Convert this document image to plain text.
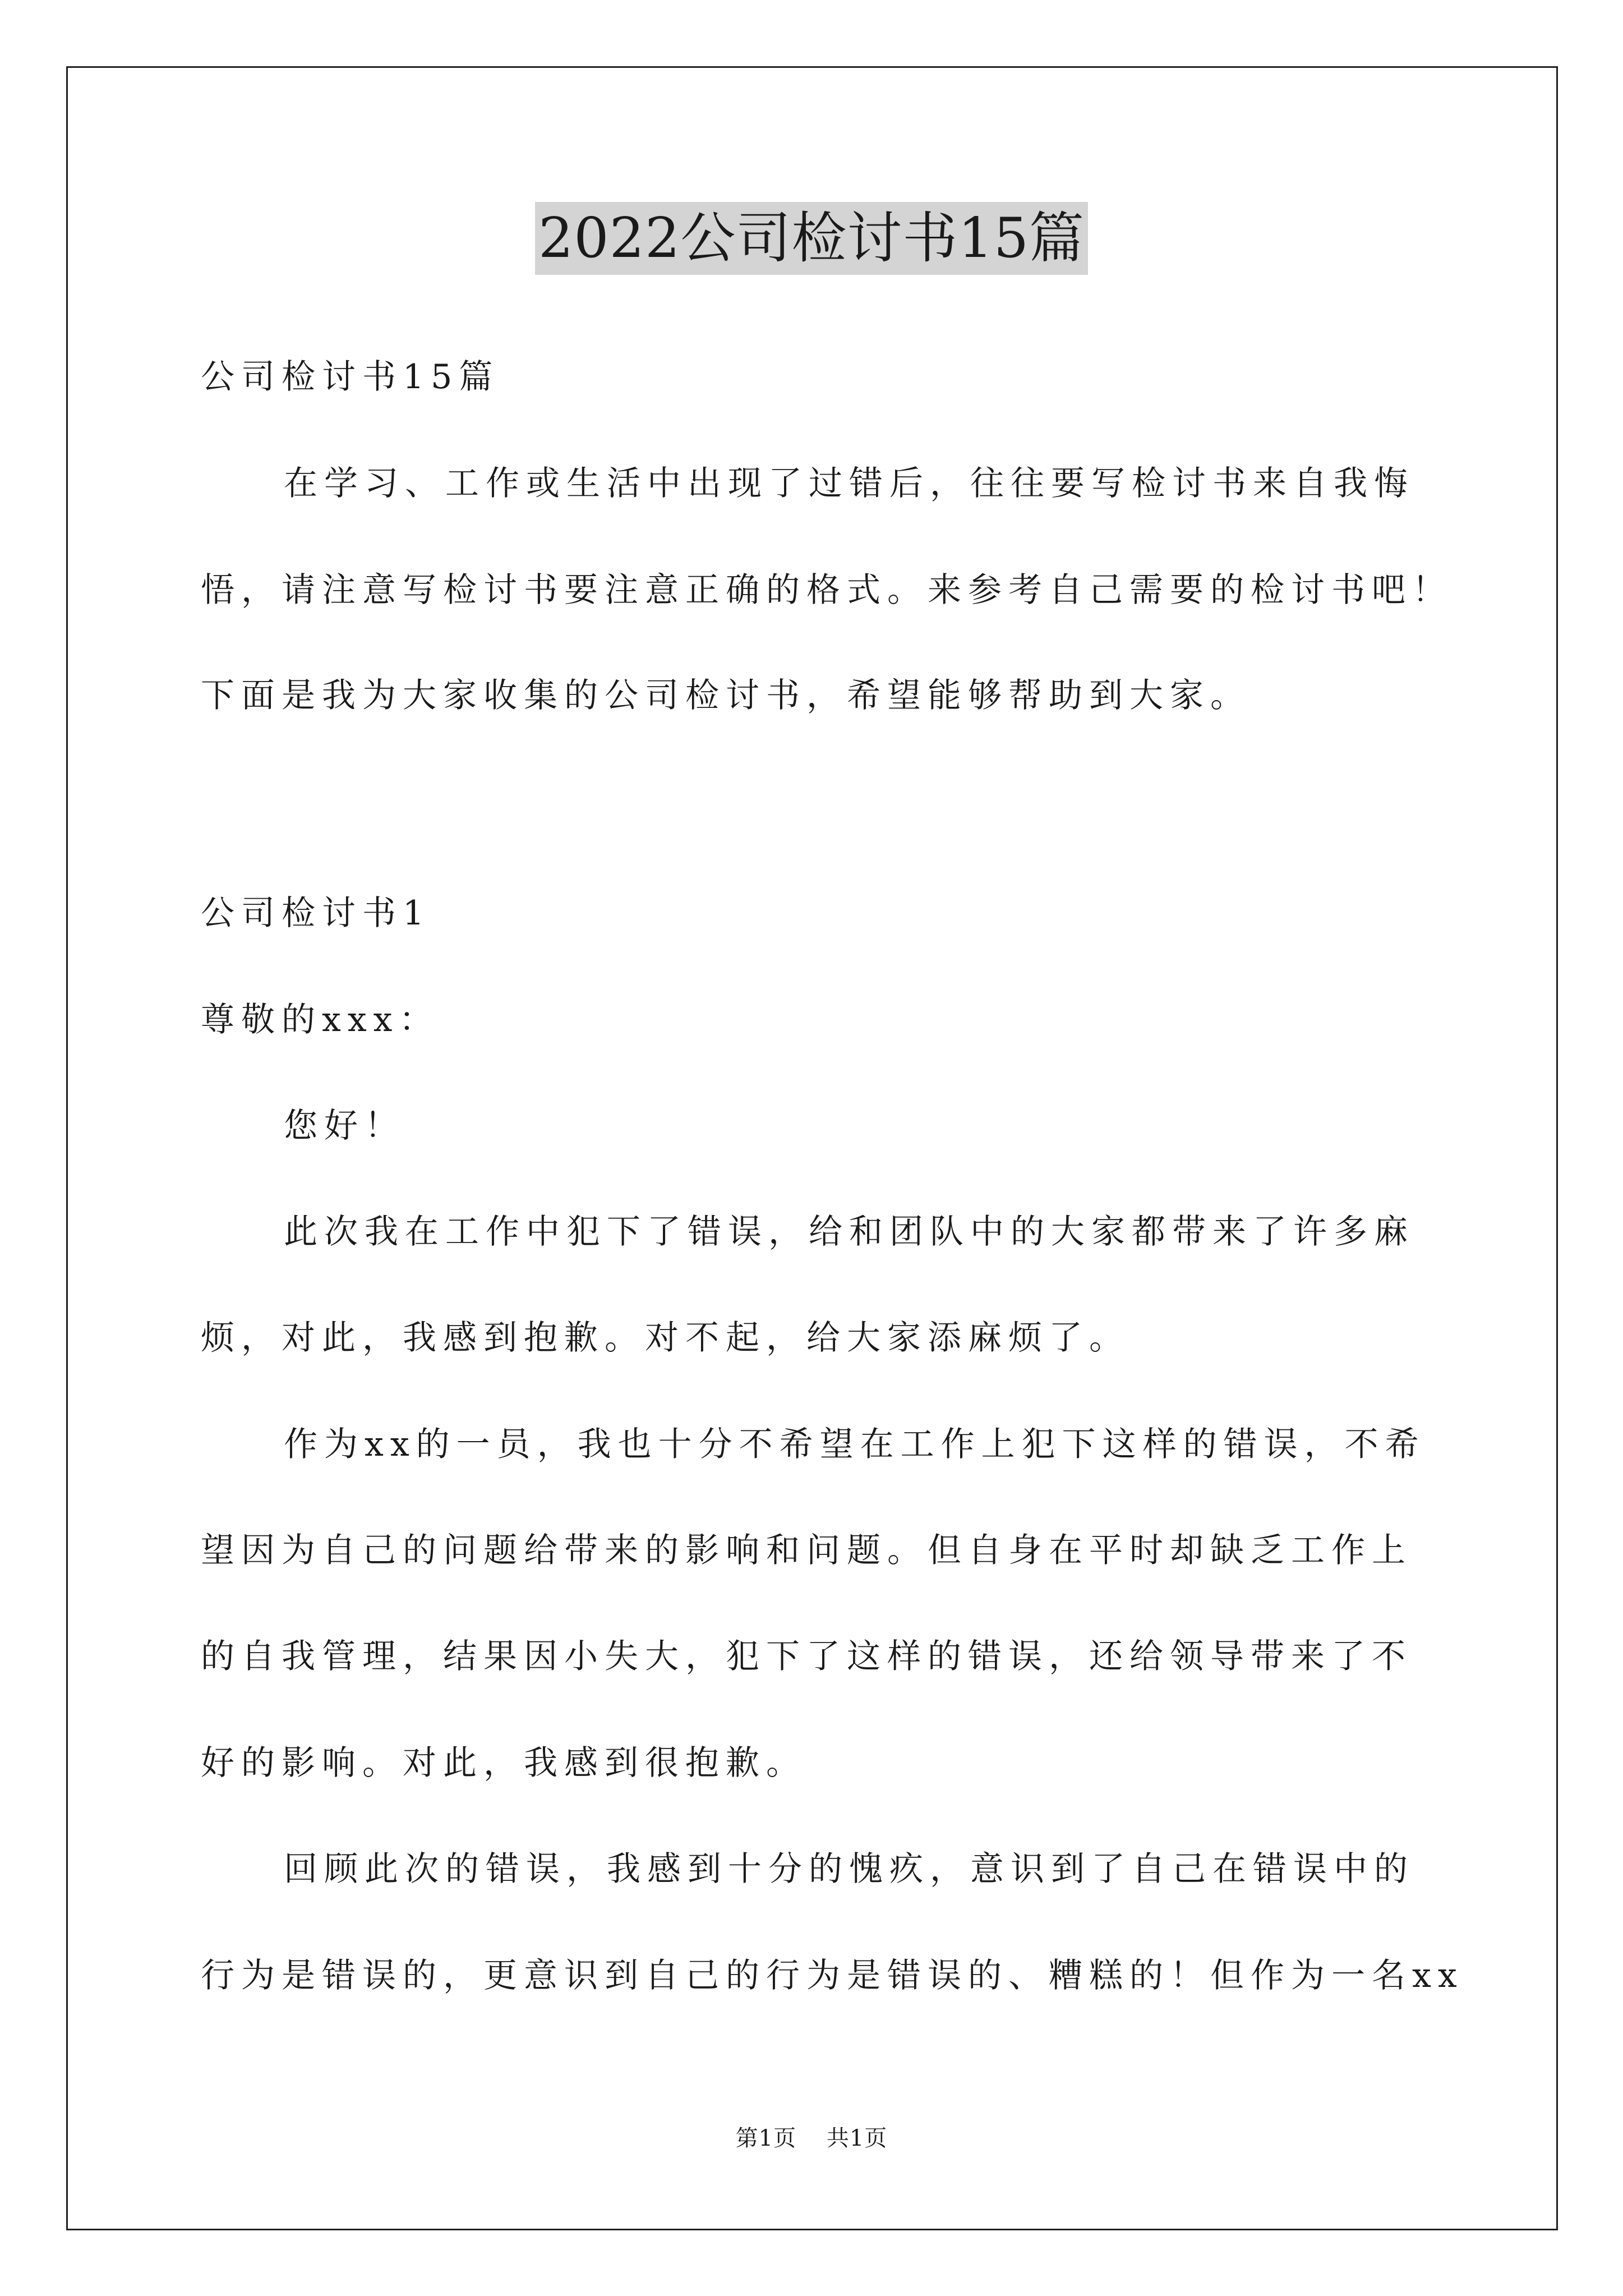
2022公司检讨书15篇
公司检讨书15篇
在学习、工作或生活中出现了过错后，往往要写检讨书来自我悔
悟，请注意写检讨书要注意正确的格式。来参考自己需要的检讨书吧！
下面是我为大家收集的公司检讨书，希望能够帮助到大家。
公司检讨书1
尊敬的xxx：
您好！
此次我在工作中犯下了错误，给和团队中的大家都带来了许多麻
烦，对此，我感到抱歉。对不起，给大家添麻烦了。
作为xx的一员，我也十分不希望在工作上犯下这样的错误，不希
望因为自己的问题给带来的影响和问题。但自身在平时却缺乏工作上
的自我管理，结果因小失大，犯下了这样的错误，还给领导带来了不
好的影响。对此，我感到很抱歉。
回顾此次的错误，我感到十分的愧疚，意识到了自己在错误中的
行为是错误的，更意识到自己的行为是错误的、糟糕的！但作为一名xx
第1页 共1页
